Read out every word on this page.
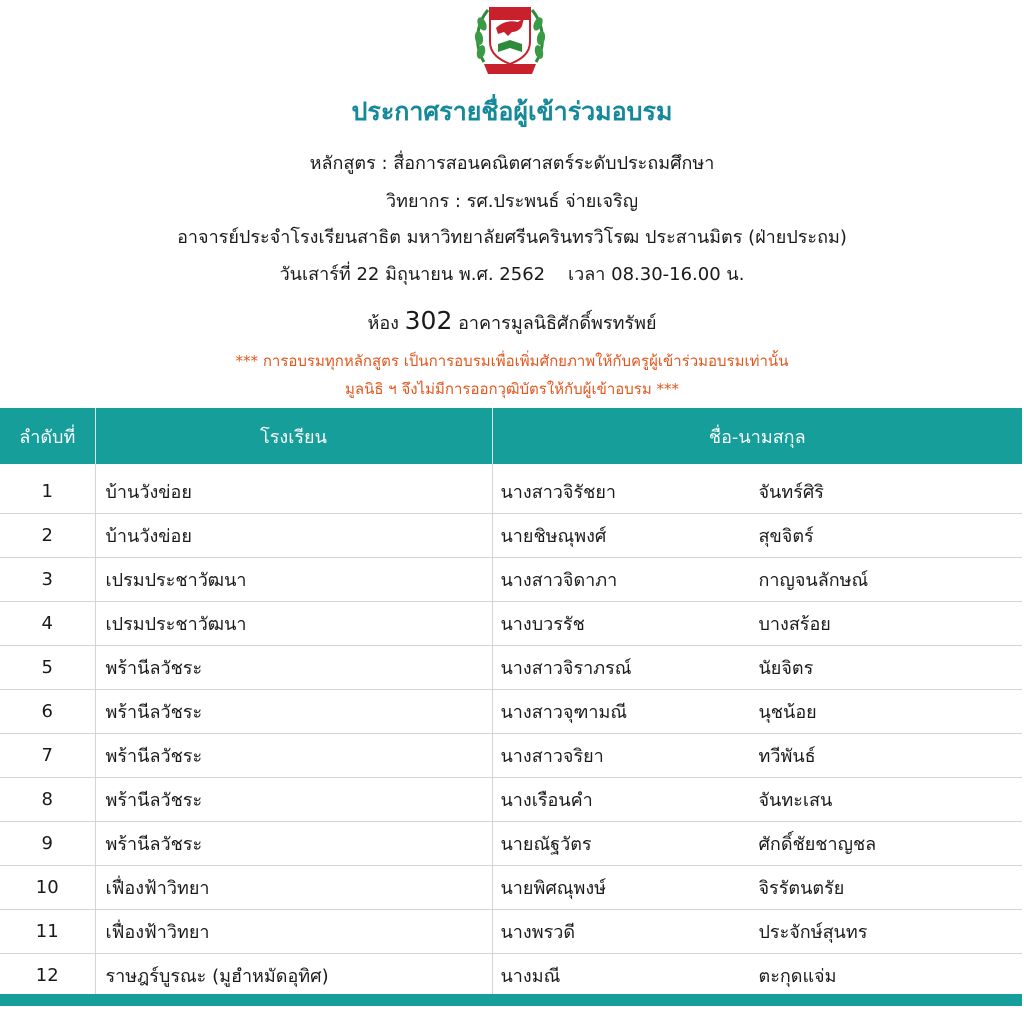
ประกาศรายชื่อผู้เข้าร่วมอบรม
หลักสูตร : สื่อการสอนคณิตศาสตร์ระดับประถมศึกษา
วิทยากร : รศ.ประพนธ์ จ่ายเจริญ
อาจารย์ประจำโรงเรียนสาธิต มหาวิทยาลัยศรีนครินทรวิโรฒ ประสานมิตร (ฝ่ายประถม)
วันเสาร์ที่ 22 มิถุนายน พ.ศ. 2562    เวลา 08.30-16.00 น.
ห้อง 302 อาคารมูลนิธิศักดิ์พรทรัพย์
*** การอบรมทุกหลักสูตร เป็นการอบรมเพื่อเพิ่มศักยภาพให้กับครูผู้เข้าร่วมอบรมเท่านั้น
มูลนิธิ ฯ จึงไม่มีการออกวุฒิบัตรให้กับผู้เข้าอบรม ***
ลำดับที่	โรงเรียน	ชื่อ-นามสกุล
1	บ้านวังข่อย	นางสาวจิรัชยา จันทร์ศิริ
2	บ้านวังข่อย	นายชิษณุพงศ์ สุขจิตร์
3	เปรมประชาวัฒนา	นางสาวจิดาภา กาญจนลักษณ์
4	เปรมประชาวัฒนา	นางบวรรัช บางสร้อย
5	พร้านีลวัชระ	นางสาวจิราภรณ์ นัยจิตร
6	พร้านีลวัชระ	นางสาวจุฑามณี นุชน้อย
7	พร้านีลวัชระ	นางสาวจริยา ทวีพันธ์
8	พร้านีลวัชระ	นางเรือนคำ จันทะเสน
9	พร้านีลวัชระ	นายณัฐวัตร ศักดิ์ชัยชาญชล
10	เฟื่องฟ้าวิทยา	นายพิศณุพงษ์ จิรรัตนตรัย
11	เฟื่องฟ้าวิทยา	นางพรวดี ประจักษ์สุนทร
12	ราษฎร์บูรณะ (มูฮำหมัดอุทิศ)	นางมณี ตะกุดแจ่ม
